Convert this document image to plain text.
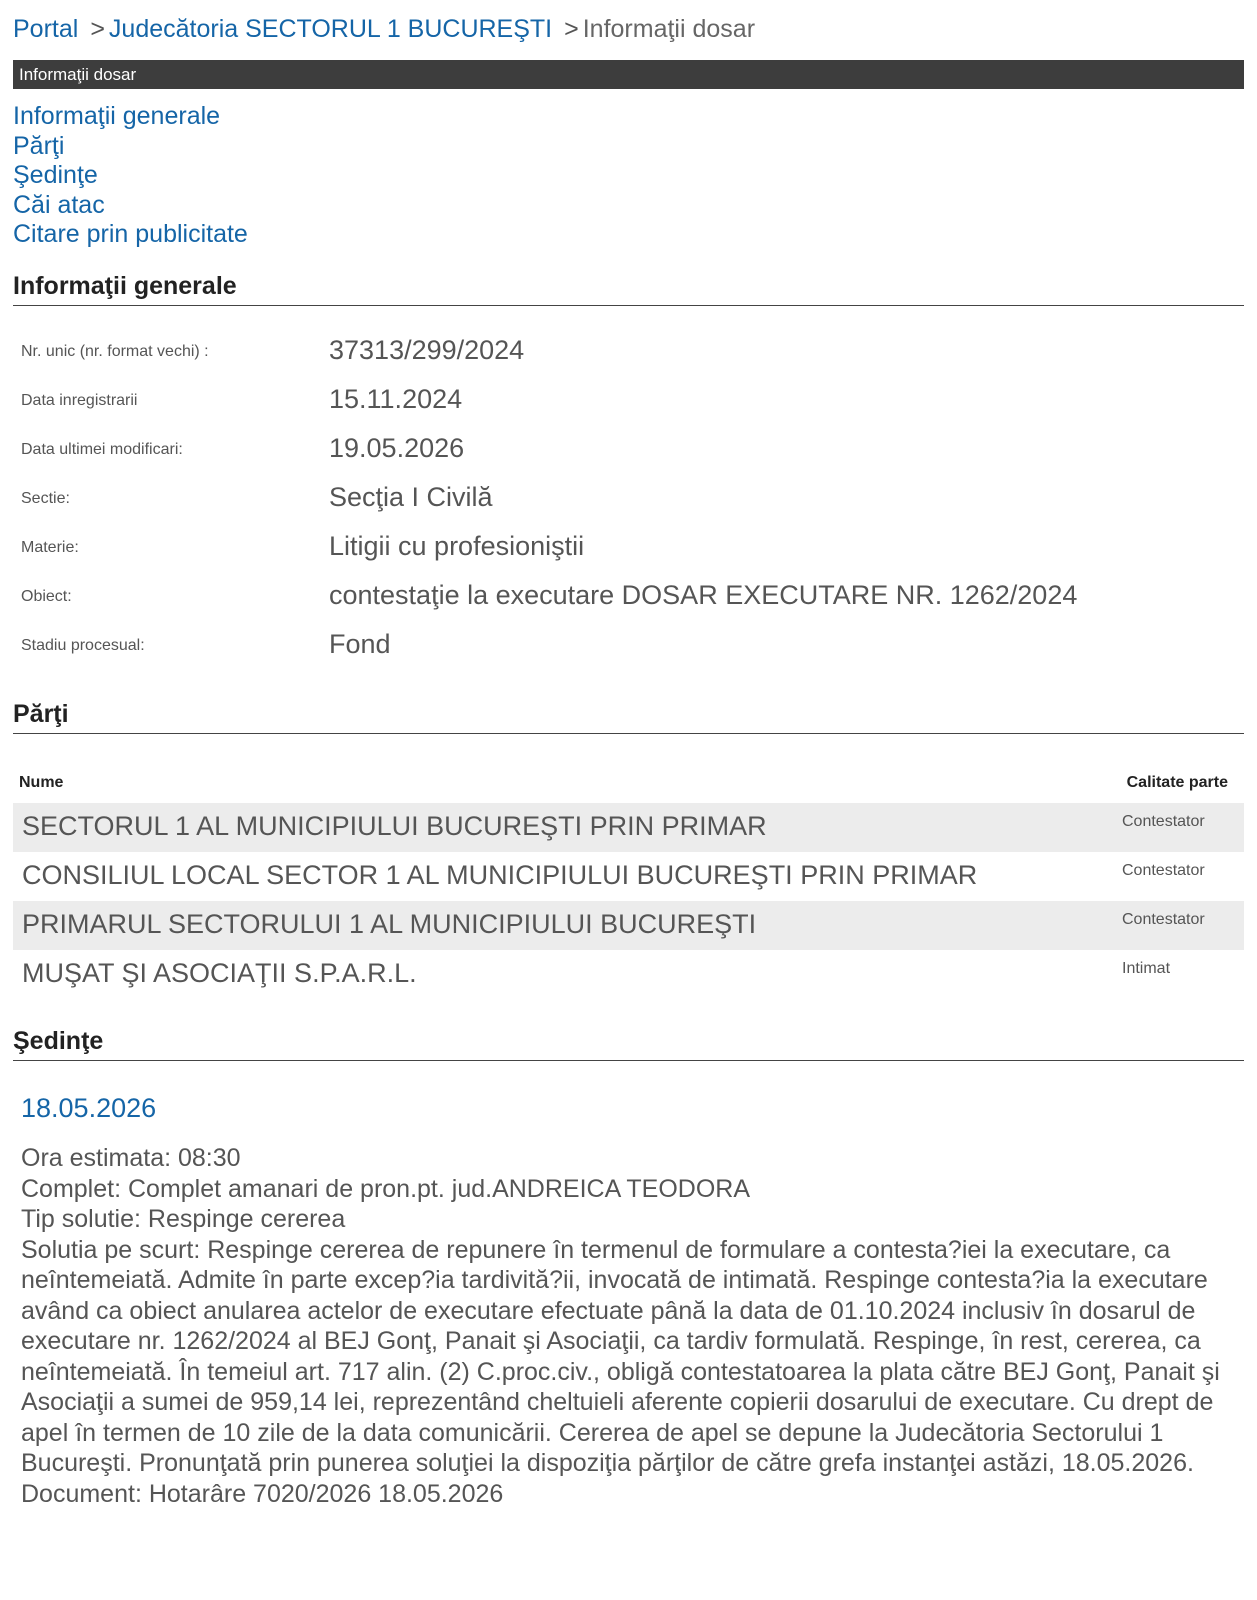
Portal > Judecătoria SECTORUL 1 BUCUREŞTI > Informaţii dosar
Informaţii dosar
Informaţii generale
Părţi
Şedinţe
Căi atac
Citare prin publicitate
Informaţii generale
Nr. unic (nr. format vechi) :	37313/299/2024
Data inregistrarii	15.11.2024
Data ultimei modificari:	19.05.2026
Sectie:	Secţia I Civilă
Materie:	Litigii cu profesioniştii
Obiect:	contestaţie la executare DOSAR EXECUTARE NR. 1262/2024
Stadiu procesual:	Fond
Părţi
Nume	Calitate parte
SECTORUL 1 AL MUNICIPIULUI BUCUREŞTI PRIN PRIMAR	Contestator
CONSILIUL LOCAL SECTOR 1 AL MUNICIPIULUI BUCUREŞTI PRIN PRIMAR	Contestator
PRIMARUL SECTORULUI 1 AL MUNICIPIULUI BUCUREŞTI	Contestator
MUŞAT ŞI ASOCIAŢII S.P.A.R.L.	Intimat
Şedinţe
18.05.2026
Ora estimata: 08:30
Complet: Complet amanari de pron.pt. jud.ANDREICA TEODORA
Tip solutie: Respinge cererea
Solutia pe scurt: Respinge cererea de repunere în termenul de formulare a contesta?iei la executare, ca neîntemeiată. Admite în parte excep?ia tardivită?ii, invocată de intimată. Respinge contesta?ia la executare având ca obiect anularea actelor de executare efectuate până la data de 01.10.2024 inclusiv în dosarul de executare nr. 1262/2024 al BEJ Gonţ, Panait şi Asociaţii, ca tardiv formulată. Respinge, în rest, cererea, ca neîntemeiată. În temeiul art. 717 alin. (2) C.proc.civ., obligă contestatoarea la plata către BEJ Gonţ, Panait şi Asociaţii a sumei de 959,14 lei, reprezentând cheltuieli aferente copierii dosarului de executare. Cu drept de apel în termen de 10 zile de la data comunicării. Cererea de apel se depune la Judecătoria Sectorului 1 Bucureşti. Pronunţată prin punerea soluţiei la dispoziţia părţilor de către grefa instanţei astăzi, 18.05.2026.
Document: Hotarâre 7020/2026 18.05.2026
